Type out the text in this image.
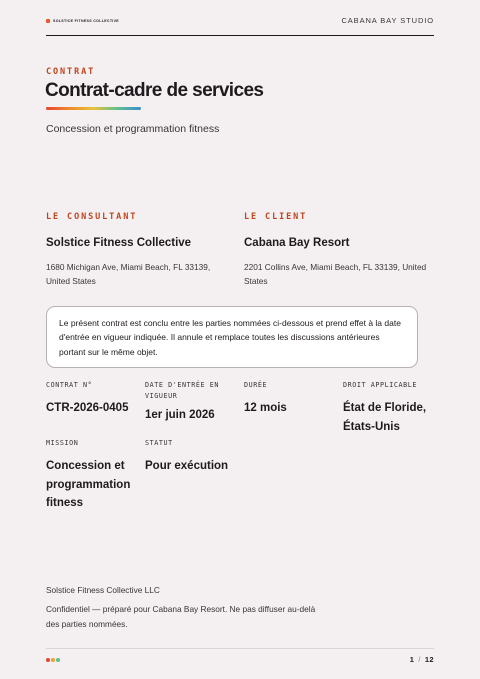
SOLSTICE FITNESS COLLECTIVE	CABANA BAY STUDIO
CONTRAT
Contrat-cadre de services
Concession et programmation fitness
LE CONSULTANT
Solstice Fitness Collective
1680 Michigan Ave, Miami Beach, FL 33139, United States
LE CLIENT
Cabana Bay Resort
2201 Collins Ave, Miami Beach, FL 33139, United States
Le présent contrat est conclu entre les parties nommées ci-dessous et prend effet à la date d'entrée en vigueur indiquée. Il annule et remplace toutes les discussions antérieures portant sur le même objet.
CONTRAT N°
CTR-2026-0405
DATE D'ENTRÉE EN VIGUEUR
1er juin 2026
DURÉE
12 mois
DROIT APPLICABLE
État de Floride, États-Unis
MISSION
Concession et programmation fitness
STATUT
Pour exécution
Solstice Fitness Collective LLC
Confidentiel — préparé pour Cabana Bay Resort. Ne pas diffuser au-delà des parties nommées.
1 / 12
